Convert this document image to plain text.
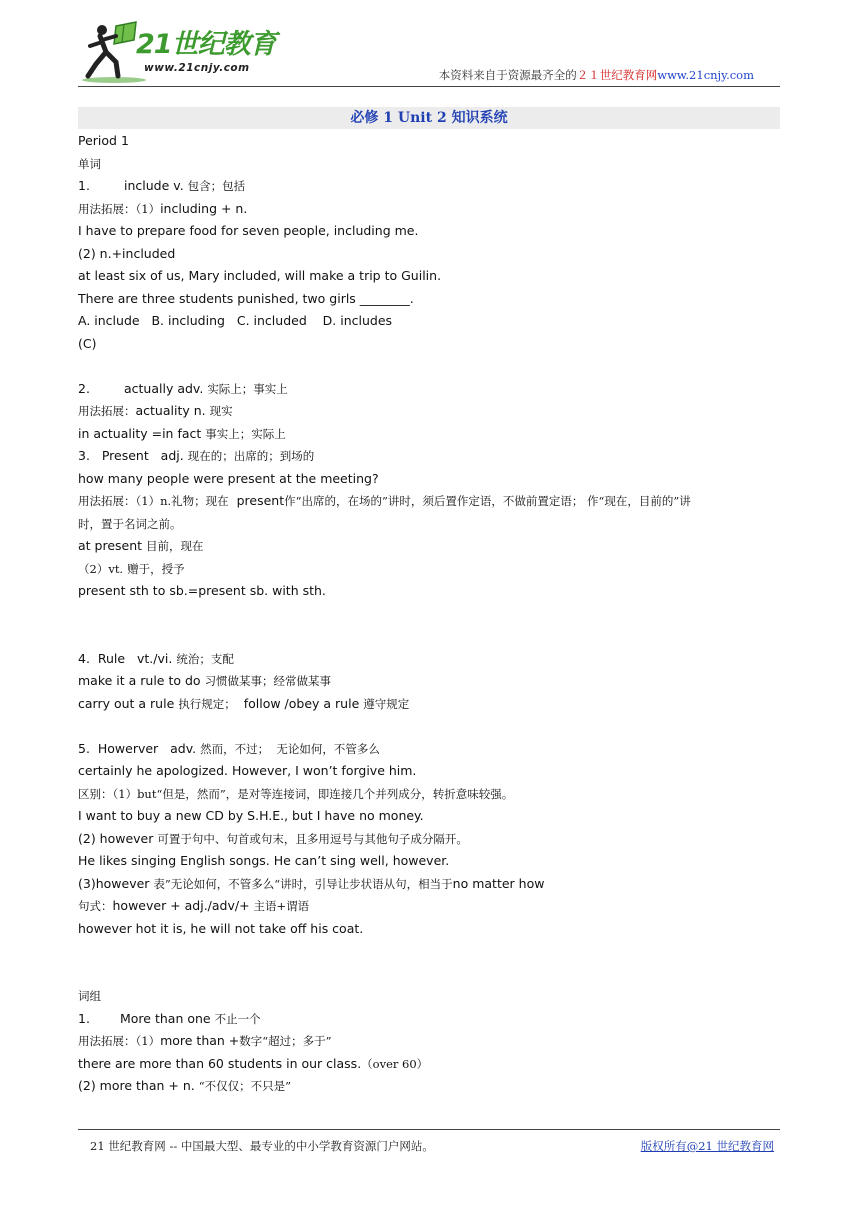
21世纪教育
www.21cnjy.com	本资料来自于资源最齐全的２１世纪教育网www.21cnjy.com
必修 1 Unit 2 知识系统
Period 1
单词
1.	include v. 包含；包括
用法拓展：（1）including + n.
I have to prepare food for seven people, including me.
(2) n.+included
at least six of us, Mary included, will make a trip to Guilin.
There are three students punished, two girls ________.
A. include   B. including   C. included    D. includes
(C)
2.	actually adv. 实际上；事实上
用法拓展：actuality n. 现实
in actuality =in fact 事实上；实际上
3.   Present   adj. 现在的；出席的；到场的
how many people were present at the meeting?
用法拓展：（1）n.礼物；现在 present作“出席的，在场的”讲时，须后置作定语，不做前置定语； 作“现在，目前的”讲
时，置于名词之前。
at present 目前，现在
（2）vt. 赠于，授予
present sth to sb.=present sb. with sth.
4.  Rule   vt./vi. 统治；支配
make it a rule to do 习惯做某事；经常做某事
carry out a rule 执行规定； follow /obey a rule 遵守规定
5.  Howerver   adv. 然而，不过；  无论如何，不管多么
certainly he apologized. However, I won’t forgive him.
区别：（1）but“但是，然而”，是对等连接词，即连接几个并列成分，转折意味较强。
I want to buy a new CD by S.H.E., but I have no money.
(2) however 可置于句中、句首或句末，且多用逗号与其他句子成分隔开。
He likes singing English songs. He can’t sing well, however.
(3)however 表”无论如何，不管多么“讲时，引导让步状语从句，相当于no matter how
句式：however + adj./adv/+ 主语+谓语
however hot it is, he will not take off his coat.
词组
1. More than one 不止一个
用法拓展：（1）more than +数字“超过；多于”
there are more than 60 students in our class.（over 60）
(2) more than + n. “不仅仅；不只是”
21 世纪教育网 -- 中国最大型、最专业的中小学教育资源门户网站。	版权所有@21 世纪教育网
